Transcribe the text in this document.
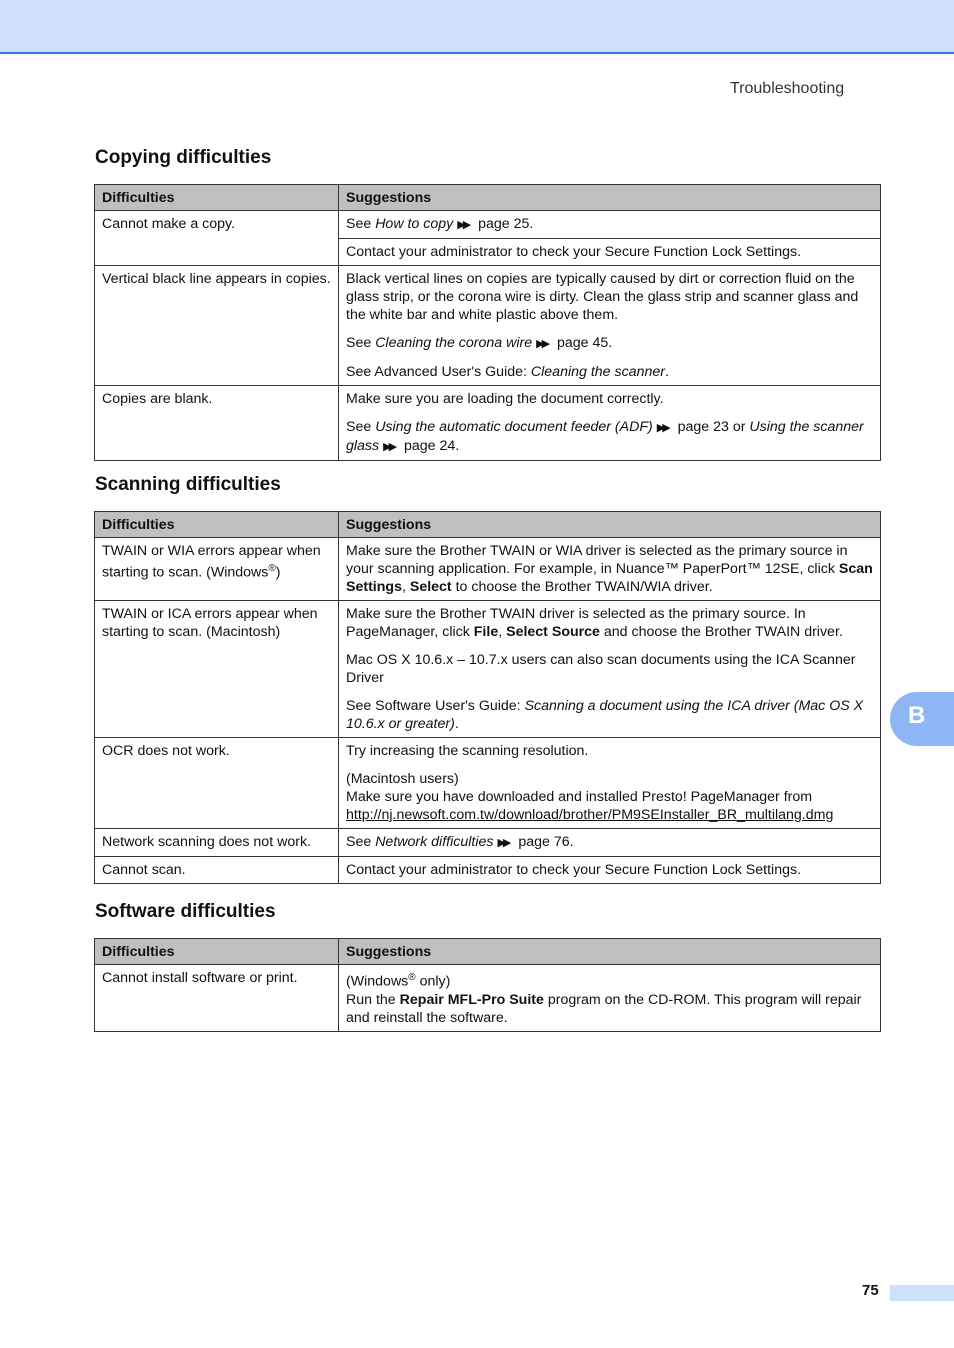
Troubleshooting
Copying difficulties
Difficulties	Suggestions
Cannot make a copy.	See How to copy ▶▶ page 25.
	Contact your administrator to check your Secure Function Lock Settings.
Vertical black line appears in copies.	Black vertical lines on copies are typically caused by dirt or correction fluid on the glass strip, or the corona wire is dirty. Clean the glass strip and scanner glass and the white bar and white plastic above them.

See Cleaning the corona wire ▶▶ page 45.

See Advanced User's Guide: Cleaning the scanner.

Copies are blank.	Make sure you are loading the document correctly.

See Using the automatic document feeder (ADF) ▶▶ page 23 or Using the scanner glass ▶▶ page 24.

Scanning difficulties
Difficulties	Suggestions
TWAIN or WIA errors appear when starting to scan. (Windows®)	Make sure the Brother TWAIN or WIA driver is selected as the primary source in your scanning application. For example, in Nuance™ PaperPort™ 12SE, click Scan Settings, Select to choose the Brother TWAIN/WIA driver.
TWAIN or ICA errors appear when starting to scan. (Macintosh)	Make sure the Brother TWAIN driver is selected as the primary source. In PageManager, click File, Select Source and choose the Brother TWAIN driver.

Mac OS X 10.6.x – 10.7.x users can also scan documents using the ICA Scanner Driver

See Software User's Guide: Scanning a document using the ICA driver (Mac OS X 10.6.x or greater).

OCR does not work.	Try increasing the scanning resolution.

(Macintosh users)
Make sure you have downloaded and installed Presto! PageManager from
http://nj.newsoft.com.tw/download/brother/PM9SEInstaller_BR_multilang.dmg

Network scanning does not work.	See Network difficulties ▶▶ page 76.
Cannot scan.	Contact your administrator to check your Secure Function Lock Settings.
Software difficulties
Difficulties	Suggestions
Cannot install software or print.	(Windows® only)
Run the Repair MFL-Pro Suite program on the CD-ROM. This program will repair and reinstall the software.
B
75
